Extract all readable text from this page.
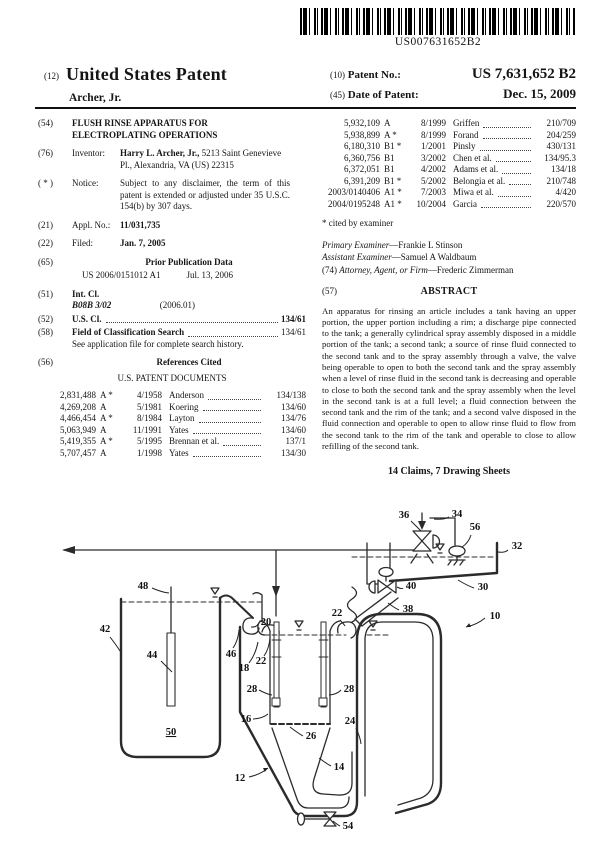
US007631652B2
(12) United States Patent
Archer, Jr.
(10) Patent No.:	US 7,631,652 B2
(45) Date of Patent:	Dec. 15, 2009
(54)	FLUSH RINSE APPARATUS FOR ELECTROPLATING OPERATIONS
(76)	Inventor:	Harry L. Archer, Jr., 5213 Saint Genevieve Pl., Alexandria, VA (US) 22315
( * )	Notice:	Subject to any disclaimer, the term of this patent is extended or adjusted under 35 U.S.C. 154(b) by 307 days.
(21)	Appl. No.:	11/031,735
(22)	Filed:	Jan. 7, 2005
(65)	Prior Publication Data
US 2006/0151012 A1	Jul. 13, 2006
(51)	Int. Cl.
B08B 3/02	(2006.01)
(52)	U.S. Cl.	134/61
(58)	Field of Classification Search	134/61
See application file for complete search history.
(56)	References Cited
U.S. PATENT DOCUMENTS
2,831,488 A *	4/1958 Anderson	134/138
4,269,208 A	5/1981 Koering	134/60
4,466,454 A *	8/1984 Layton	134/76
5,063,949 A	11/1991 Yates	134/60
5,419,355 A *	5/1995 Brennan et al.	137/1
5,707,457 A	1/1998 Yates	134/30
5,932,109 A	8/1999 Griffen	210/709
5,938,899 A *	8/1999 Forand	204/259
6,180,310 B1 *	1/2001 Pinsly	430/131
6,360,756 B1	3/2002 Chen et al.	134/95.3
6,372,051 B1	4/2002 Adams et al.	134/18
6,391,209 B1 *	5/2002 Belongia et al.	210/748
2003/0140406 A1 *	7/2003 Miwa et al.	4/420
2004/0195248 A1 *	10/2004 Garcia	220/570
* cited by examiner
Primary Examiner—Frankie L Stinson
Assistant Examiner—Samuel A Waldbaum
(74) Attorney, Agent, or Firm—Frederic Zimmerman
(57)	ABSTRACT
An apparatus for rinsing an article includes a tank having an upper portion, the upper portion including a rim; a discharge pipe connected to the tank; a generally cylindrical spray assembly disposed in a middle portion of the tank; a second tank; a source of rinse fluid connected to the second tank and to the spray assembly through a valve, the valve being operable to open to both the second tank and the spray assembly when a level of rinse fluid in the second tank is decreasing and operable to close to both the second tank and the spray assembly when the level in the second tank is at a full level; a fluid connection between the second tank and the rim of the tank; and a second valve disposed in the fluid connection and operable to open to allow rinse fluid to flow from the second tank to the rim of the tank and operable to close to allow refilling of the second tank.
14 Claims, 7 Drawing Sheets
36	34
56
32
30
40
38
10
48
42
44
50
46
18
22
20
22
28	28
16
26
24
14
12
54
